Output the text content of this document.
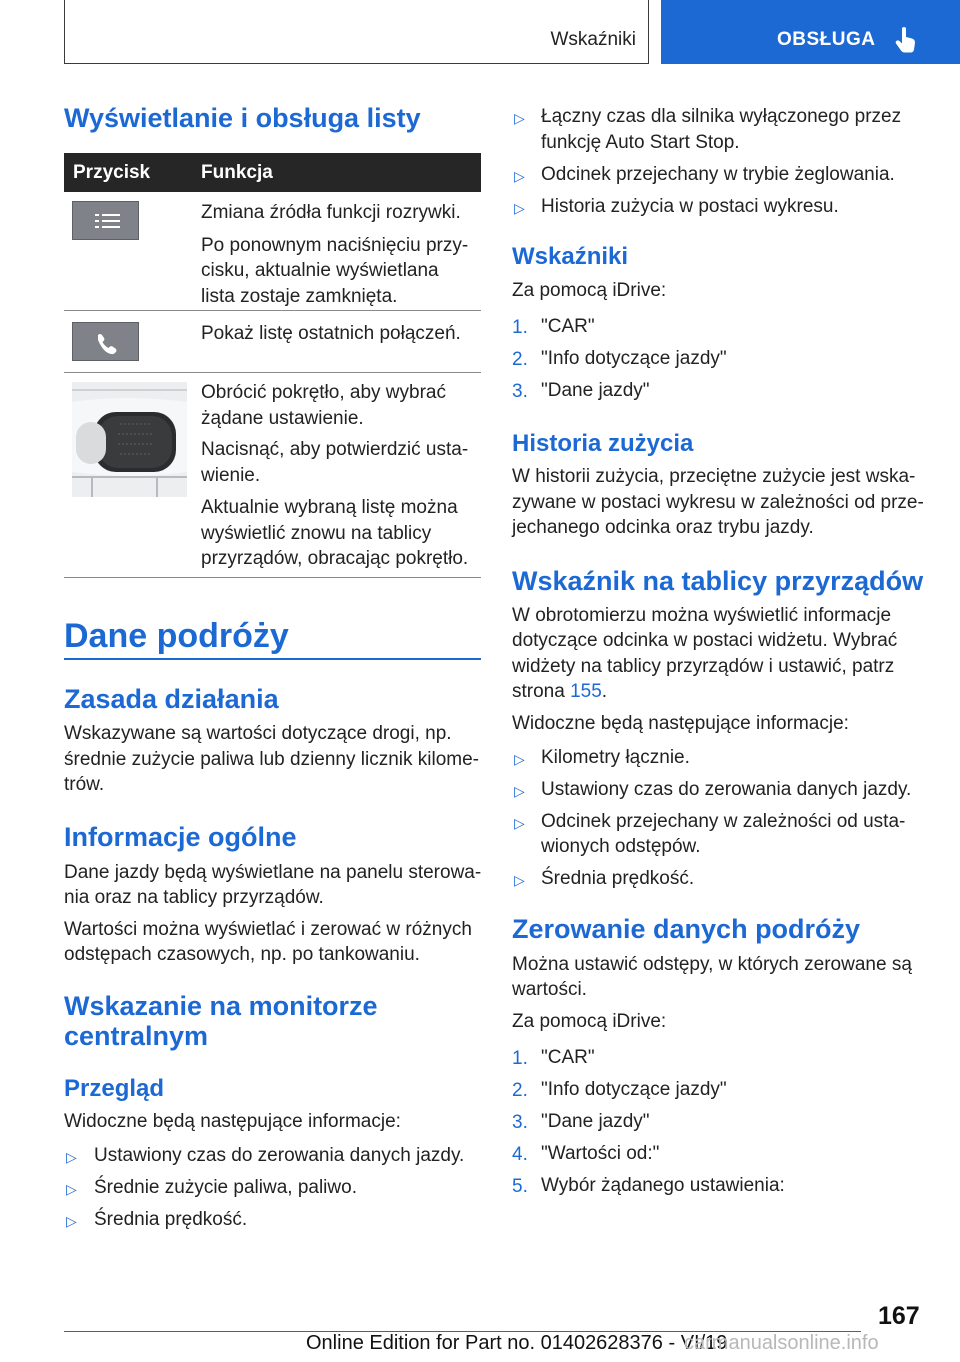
Wskaźniki	OBSŁUGA
Wyświetlanie i obsługa listy
Przycisk	Funkcja
Zmiana źródła funkcji rozrywki.
Po ponownym naciśnięciu przy-
cisku, aktualnie wyświetlana
lista zostaje zamknięta.
Pokaż listę ostatnich połączeń.
Obrócić pokrętło, aby wybrać
żądane ustawienie.
Nacisnąć, aby potwierdzić usta-
wienie.
Aktualnie wybraną listę można
wyświetlić znowu na tablicy
przyrządów, obracając pokrętło.
Dane podróży
Zasada działania
Wskazywane są wartości dotyczące drogi, np.
średnie zużycie paliwa lub dzienny licznik kilome-
trów.
Informacje ogólne
Dane jazdy będą wyświetlane na panelu sterowa-
nia oraz na tablicy przyrządów.
Wartości można wyświetlać i zerować w różnych
odstępach czasowych, np. po tankowaniu.
Wskazanie na monitorze
centralnym
Przegląd
Widoczne będą następujące informacje:
▷ Ustawiony czas do zerowania danych jazdy.
▷ Średnie zużycie paliwa, paliwo.
▷ Średnia prędkość.
▷ Łączny czas dla silnika wyłączonego przez
funkcję Auto Start Stop.
▷ Odcinek przejechany w trybie żeglowania.
▷ Historia zużycia w postaci wykresu.
Wskaźniki
Za pomocą iDrive:
1. "CAR"
2. "Info dotyczące jazdy"
3. "Dane jazdy"
Historia zużycia
W historii zużycia, przeciętne zużycie jest wska-
zywane w postaci wykresu w zależności od prze-
jechanego odcinka oraz trybu jazdy.
Wskaźnik na tablicy przyrządów
W obrotomierzu można wyświetlić informacje
dotyczące odcinka w postaci widżetu. Wybrać
widżety na tablicy przyrządów i ustawić, patrz
strona 155.
Widoczne będą następujące informacje:
▷ Kilometry łącznie.
▷ Ustawiony czas do zerowania danych jazdy.
▷ Odcinek przejechany w zależności od usta-
wionych odstępów.
▷ Średnia prędkość.
Zerowanie danych podróży
Można ustawić odstępy, w których zerowane są
wartości.
Za pomocą iDrive:
1. "CAR"
2. "Info dotyczące jazdy"
3. "Dane jazdy"
4. "Wartości od:"
5. Wybór żądanego ustawienia:
167
Online Edition for Part no. 01402628376 - VI/19
carmanualsonline.info
